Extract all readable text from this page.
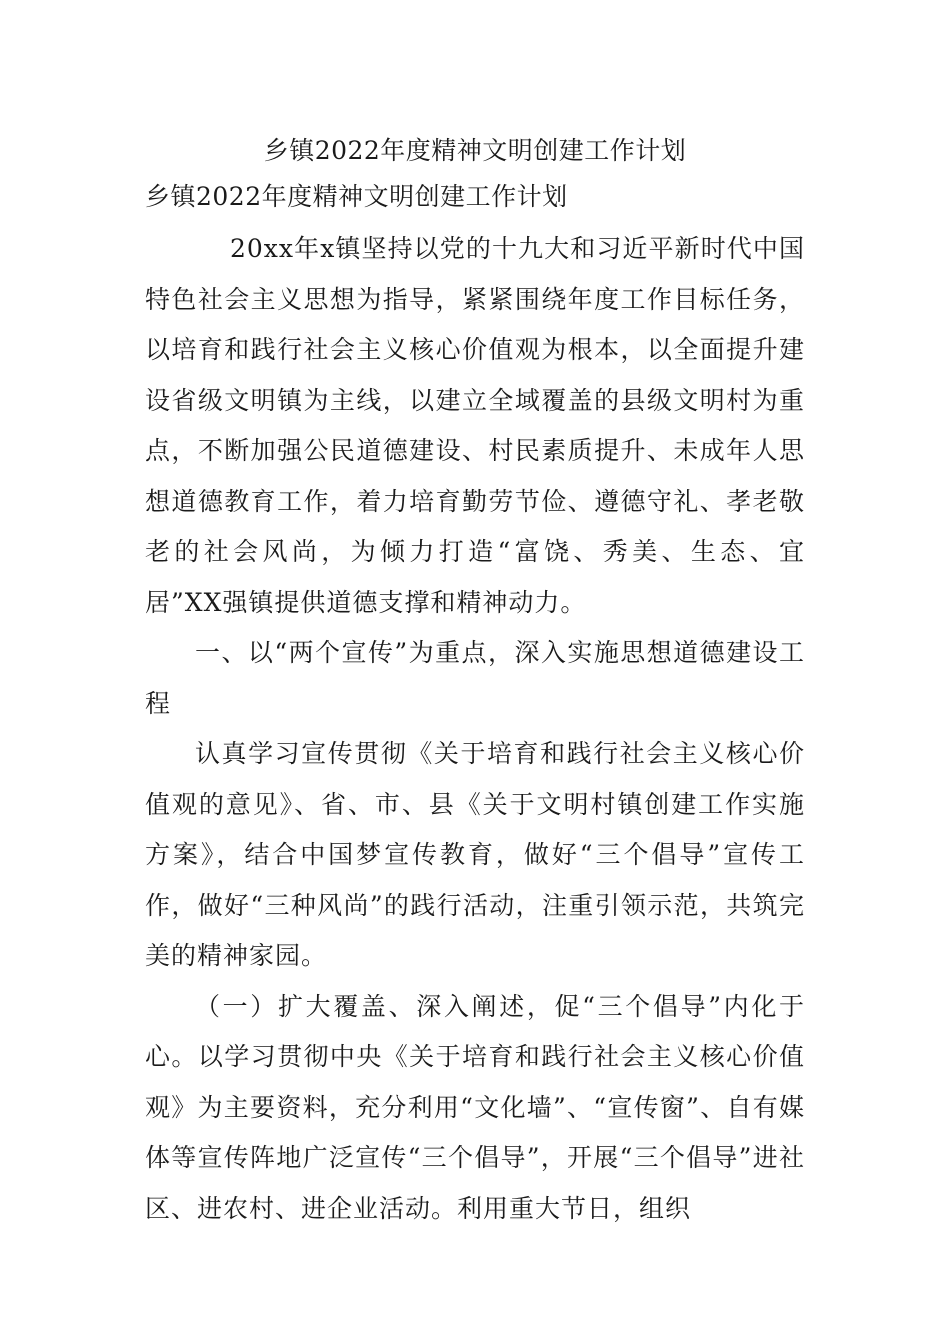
乡镇2022年度精神文明创建工作计划
乡镇2022年度精神文明创建工作计划

20xx年x镇坚持以党的十九大和习近平新时代中国特色社会主义思想为指导，紧紧围绕年度工作目标任务，以培育和践行社会主义核心价值观为根本，以全面提升建设省级文明镇为主线，以建立全域覆盖的县级文明村为重点，不断加强公民道德建设、村民素质提升、未成年人思想道德教育工作，着力培育勤劳节俭、遵德守礼、孝老敬老的社会风尚，为倾力打造“富饶、秀美、生态、宜居”XX强镇提供道德支撑和精神动力。

一、以“两个宣传”为重点，深入实施思想道德建设工程

认真学习宣传贯彻《关于培育和践行社会主义核心价值观的意见》、省、市、县《关于文明村镇创建工作实施方案》，结合中国梦宣传教育，做好“三个倡导”宣传工作，做好“三种风尚”的践行活动，注重引领示范，共筑完美的精神家园。

（一）扩大覆盖、深入阐述，促“三个倡导”内化于心。以学习贯彻中央《关于培育和践行社会主义核心价值观》为主要资料，充分利用“文化墙”、“宣传窗”、自有媒体等宣传阵地广泛宣传“三个倡导”，开展“三个倡导”进社区、进农村、进企业活动。利用重大节日，组织
